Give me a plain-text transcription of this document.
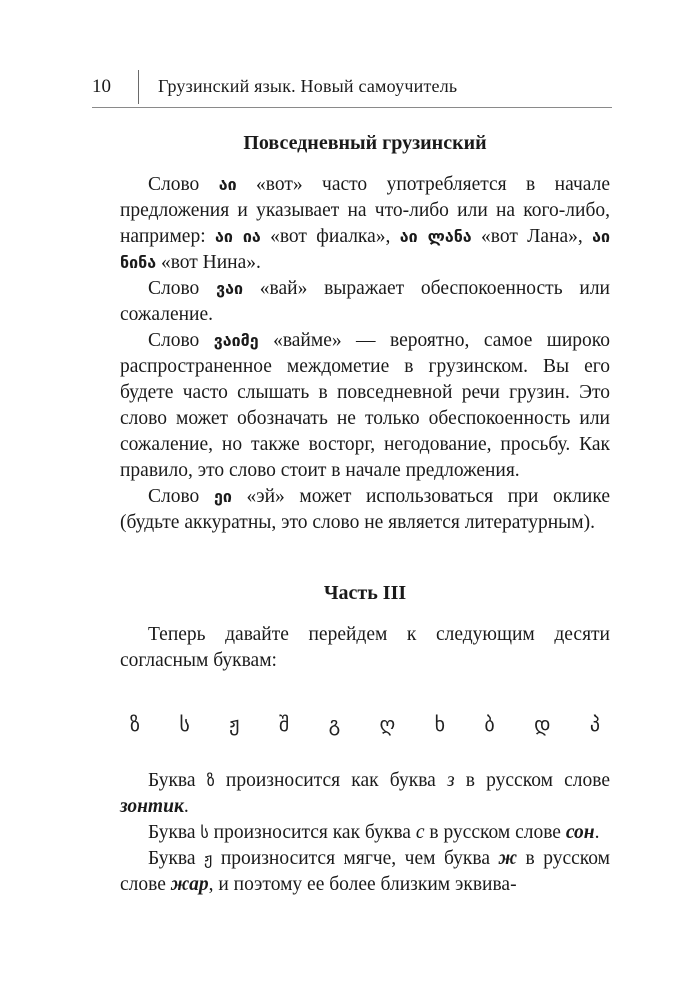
10	Грузинский язык. Новый самоучитель
Повседневный грузинский

Слово აი «вот» часто употребляется в начале предложения и указывает на что-либо или на кого-либо, например: აი ია «вот фиалка», აი ლანა «вот Лана», აი ნინა «вот Нина».

Слово ვაი «вай» выражает обеспокоенность или сожаление.

Слово ვაიმე «вайме» — вероятно, самое широко распространенное междометие в грузинском. Вы его будете часто слышать в повседневной речи грузин. Это слово может обозначать не только обеспокоенность или сожаление, но также восторг, негодование, просьбу. Как правило, это слово стоит в начале предложения.

Слово ეი «эй» может использоваться при оклике (будьте аккуратны, это слово не является литературным).

Часть III

Теперь давайте перейдем к следующим десяти согласным буквам:

ზ ს ჟ შ გ ღ ხ ბ დ პ

Буква ზ произносится как буква з в русском слове зонтик.

Буква ს произносится как буква с в русском слове сон.

Буква ჟ произносится мягче, чем буква ж в русском слове жар, и поэтому ее более близким эквива-
